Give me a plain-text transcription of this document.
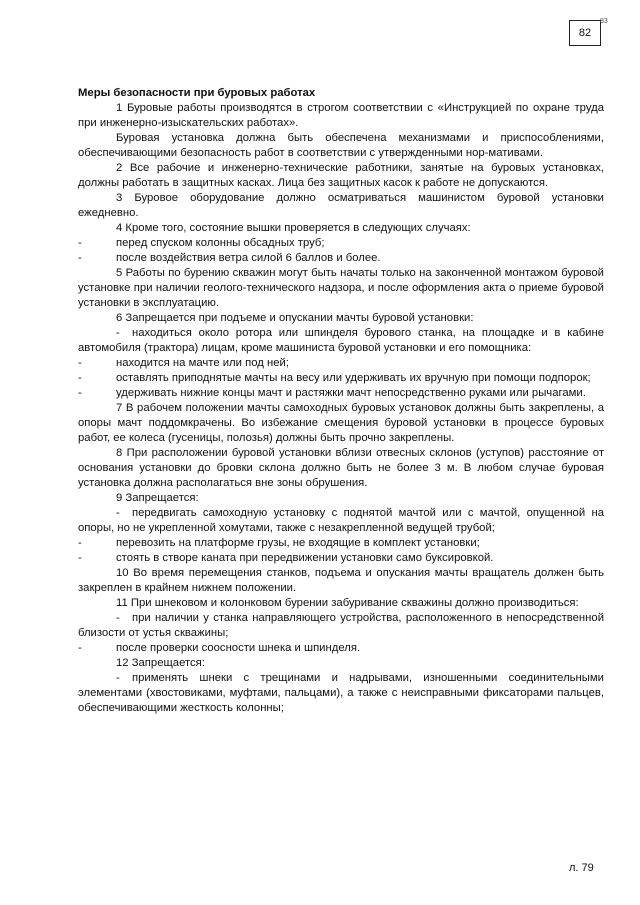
82
83
Меры безопасности при буровых работах
1 Буровые работы производятся в строгом соответствии с «Инструкцией по охране труда при инженерно-изыскательских работах».
Буровая установка должна быть обеспечена механизмами и приспособлениями, обеспечивающими безопасность работ в соответствии с утвержденными нор-мативами.
2 Все рабочие и инженерно-технические работники, занятые на буровых установках, должны работать в защитных касках. Лица без защитных касок к работе не допускаются.
3 Буровое оборудование должно осматриваться машинистом буровой установки ежедневно.
4 Кроме того, состояние вышки проверяется в следующих случаях:
-	перед спуском колонны обсадных труб;
-	после воздействия ветра силой 6 баллов и более.
5 Работы по бурению скважин могут быть начаты только на законченной монтажом буровой установке при наличии геолого-технического надзора, и после оформления акта о приеме буровой установки в эксплуатацию.
6 Запрещается при подъеме и опускании мачты буровой установки:
- находиться около ротора или шпинделя бурового станка, на площадке и в кабине автомобиля (трактора) лицам, кроме машиниста буровой установки и его помощника:
-	находится на мачте или под ней;
-	оставлять приподнятые мачты на весу или удерживать их вручную при помощи подпорок;
-	удерживать нижние концы мачт и растяжки мачт непосредственно руками или рычагами.
7 В рабочем положении мачты самоходных буровых установок должны быть закреплены, а опоры мачт поддомкрачены. Во избежание смещения буровой установки в процессе буровых работ, ее колеса (гусеницы, полозья) должны быть прочно закреплены.
8 При расположении буровой установки вблизи отвесных склонов (уступов) расстояние от основания установки до бровки склона должно быть не более 3 м. В любом случае буровая установка должна располагаться вне зоны обрушения.
9 Запрещается:
- передвигать самоходную установку с поднятой мачтой или с мачтой, опущенной на опоры, но не укрепленной хомутами, также с незакрепленной ведущей трубой;
-	перевозить на платформе грузы, не входящие в комплект установки;
-	стоять в створе каната при передвижении установки само буксировкой.
10 Во время перемещения станков, подъема и опускания мачты вращатель должен быть закреплен в крайнем нижнем положении.
11 При шнековом и колонковом бурении забуривание скважины должно производиться:
- при наличии у станка направляющего устройства, расположенного в непосредственной близости от устья скважины;
-	после проверки соосности шнека и шпинделя.
12 Запрещается:
- применять шнеки с трещинами и надрывами, изношенными соединительными элементами (хвостовиками, муфтами, пальцами), а также с неисправными фиксаторами пальцев, обеспечивающими жесткость колонны;
л. 79
